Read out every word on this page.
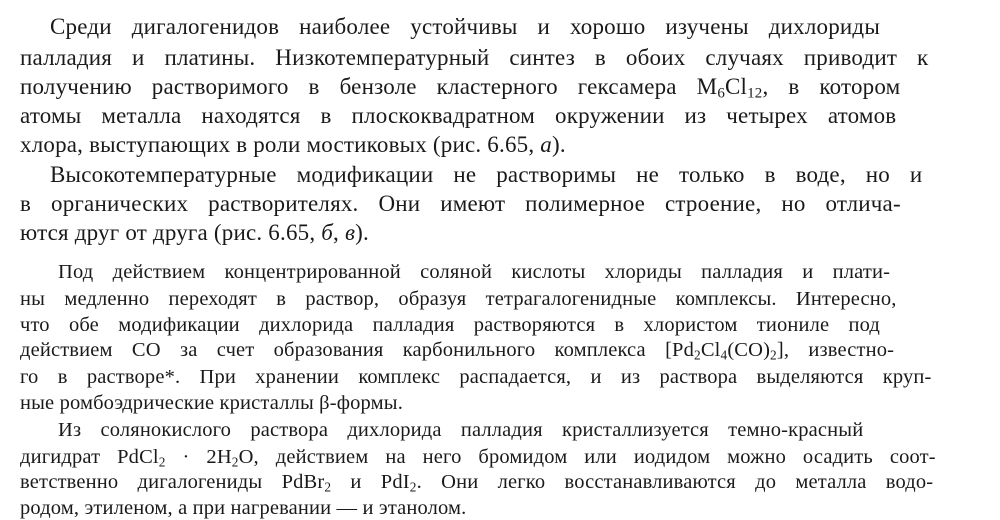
Среди дигалогенидов наиболее устойчивы и хорошо изучены дихлориды
палладия и платины. Низкотемпературный синтез в обоих случаях приводит к
получению растворимого в бензоле кластерного гексамера $M_6Cl_{12}$, в котором
атомы металла находятся в плоскоквадратном окружении из четырех атомов
хлора, выступающих в роли мостиковых (рис. 6.65, а).
Высокотемпературные модификации не растворимы не только в воде, но и
в органических растворителях. Они имеют полимерное строение, но отлича-
ются друг от друга (рис. 6.65, б, в).
Под действием концентрированной соляной кислоты хлориды палладия и плати-
ны медленно переходят в раствор, образуя тетрагалогенидные комплексы. Интересно,
что обе модификации дихлорида палладия растворяются в хлористом тиониле под
действием CO за счет образования карбонильного комплекса $[Pd_2Cl_4(CO)_2]$, известно-
го в растворе*. При хранении комплекс распадается, и из раствора выделяются круп-
ные ромбоэдрические кристаллы β-формы.
Из солянокислого раствора дихлорида палладия кристаллизуется темно-красный
дигидрат PdCl$_2$ · $2H_2O$, действием на него бромидом или иодидом можно осадить соот-
ветственно дигалогениды PdBr$_2$ и PdI$_2$. Они легко восстанавливаются до металла водо-
родом, этиленом, а при нагревании — и этанолом.
